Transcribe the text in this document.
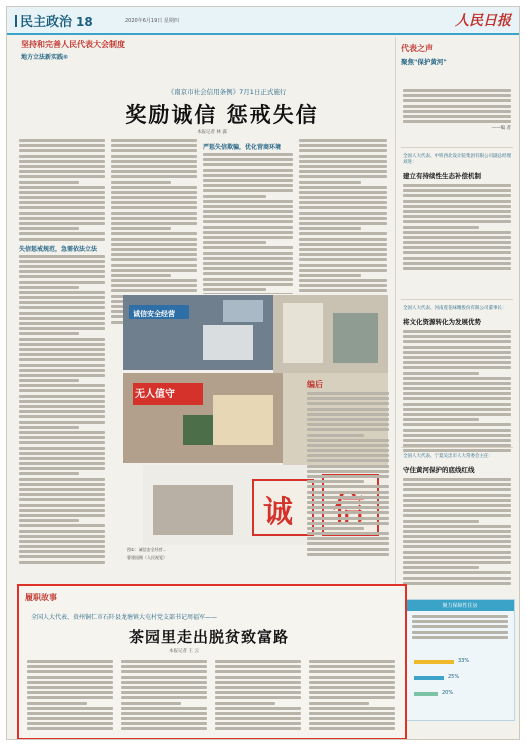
民主政治 18	2020年6月19日 星期四	人民日报
坚持和完善人民代表大会制度
地方立法新实践⑤
《南京市社会信用条例》7月1日正式施行
奖励诚信 惩戒失信
本报记者 林 露
失信惩戒规范，急需依法立法
严惩失信欺骗，优化营商环境
诚信安全经营
无人值守
诚
图①：诚信安全经营…
曹建国摄（人民视觉）
编后
代表之声
聚焦"保护黄河"
——编 者
全国人大代表、中铁西北设计院集团有限公司副总经理刘进：
建立有持续性生态补偿机制
全国人大代表、河南莲花味精股份有限公司董事长：
将文化资源转化为发展优势
全国人大代表、宁夏吴忠市人大常委会主任：
守住黄河保护的底线红线
聚力保障性住房
33%
25%
20%
履职故事
全国人大代表、贵州铜仁市石阡县龙塘镇大屯村党支部书记周福军——
茶园里走出脱贫致富路
本报记者 王 云
